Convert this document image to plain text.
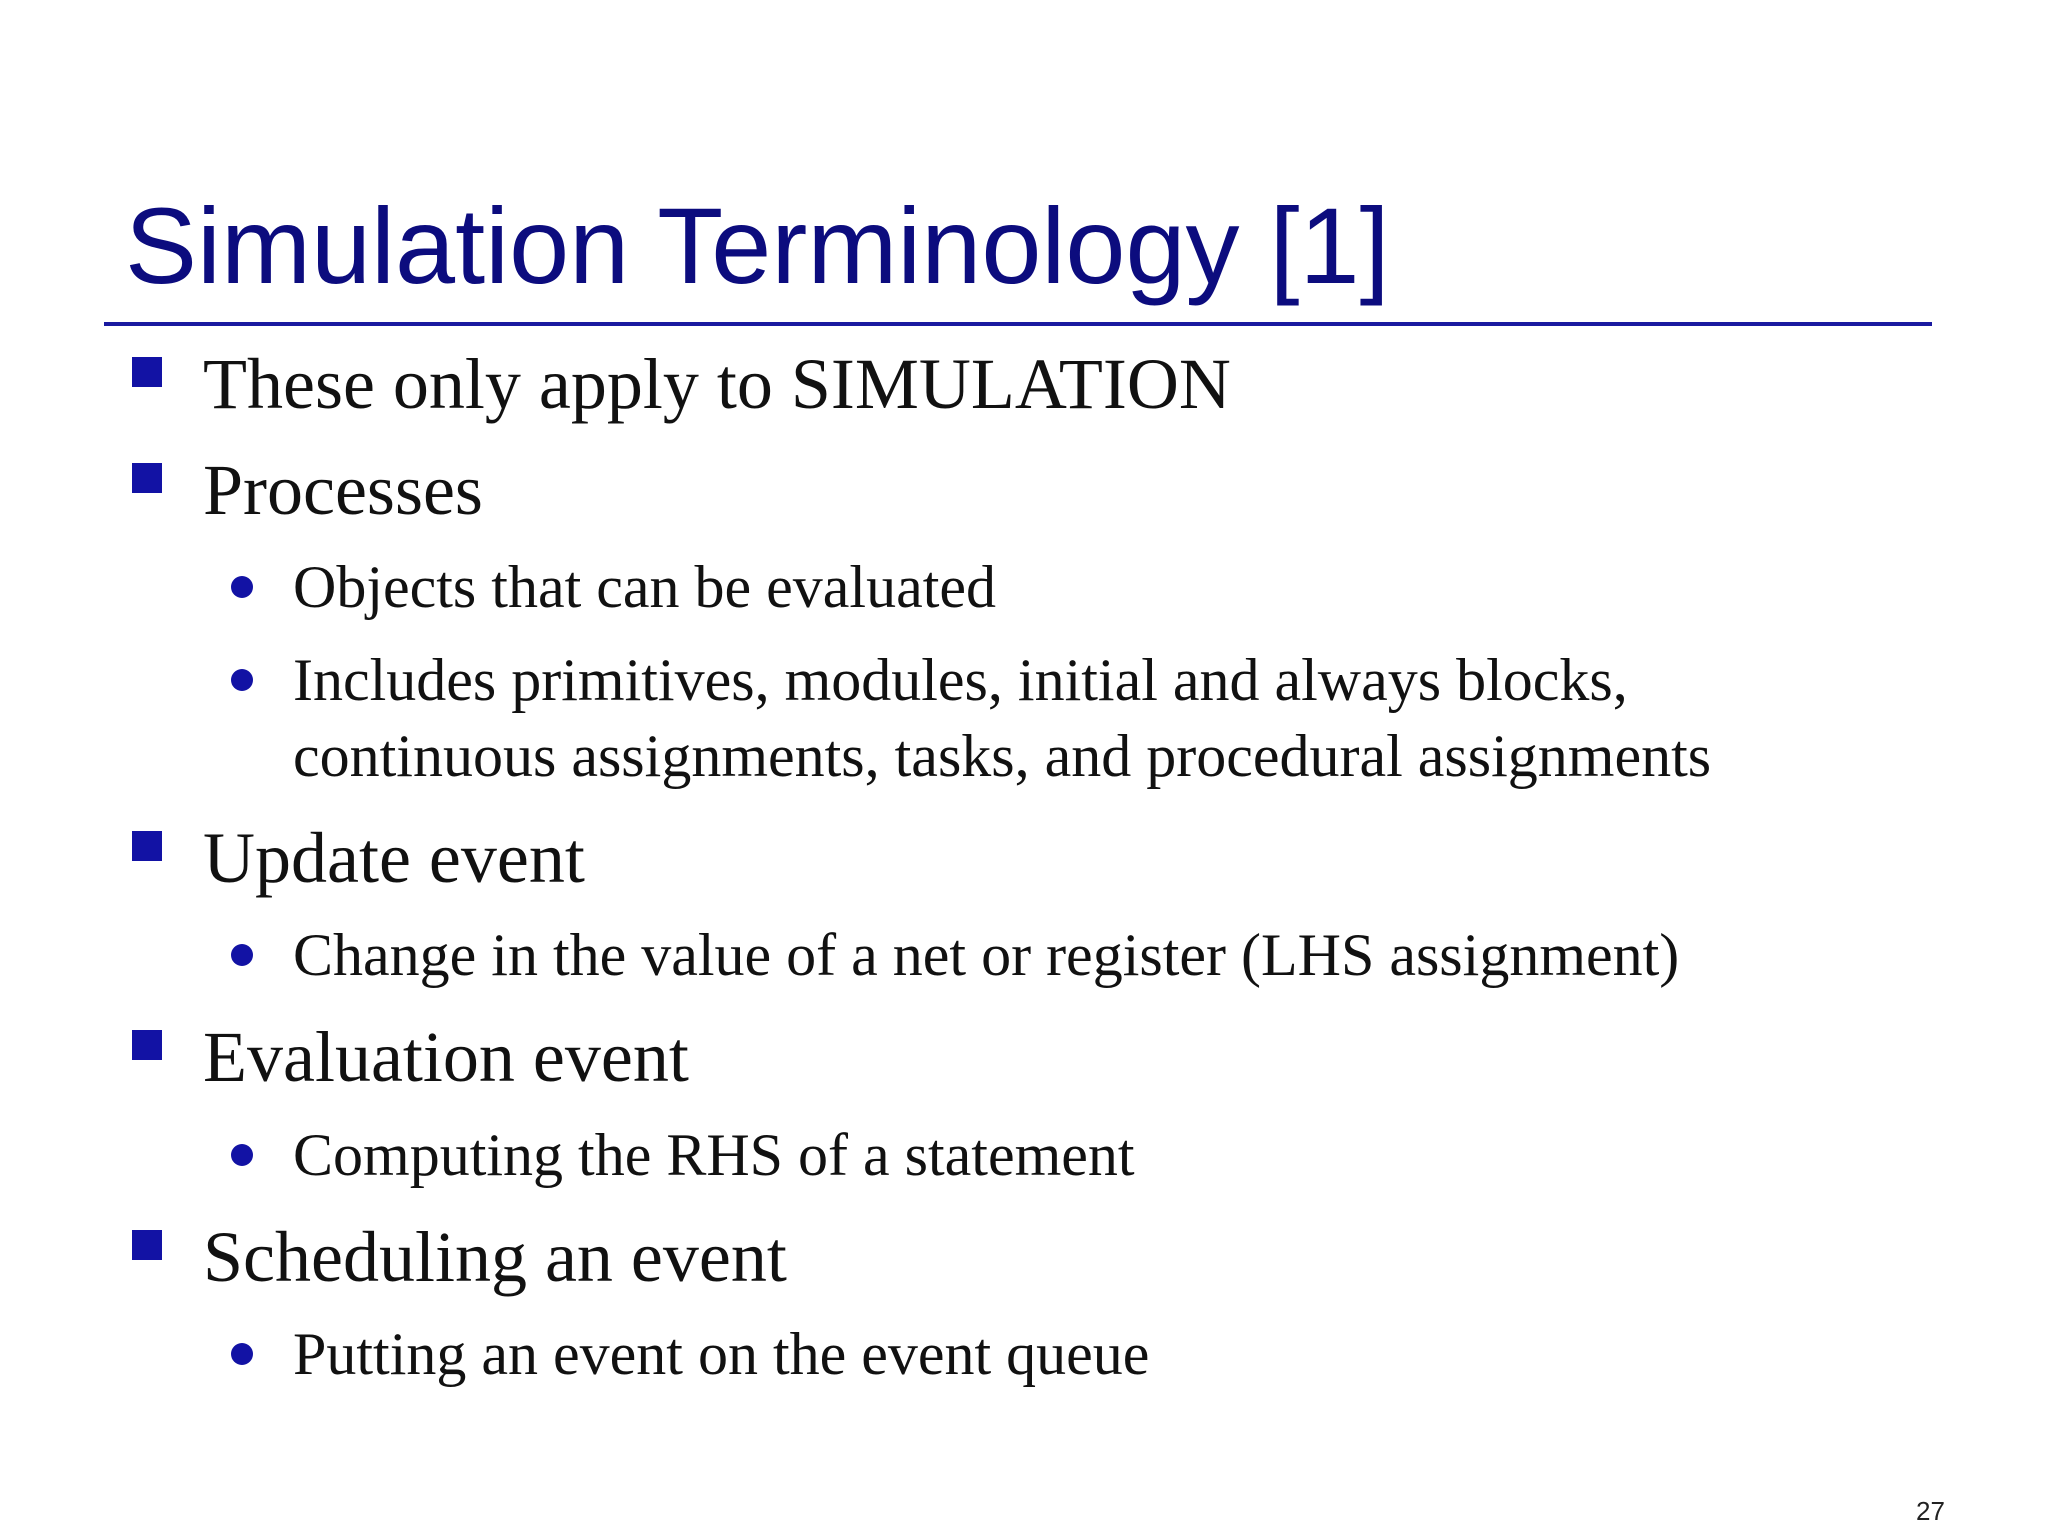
Simulation Terminology [1]

These only apply to SIMULATION

Processes

Objects that can be evaluated

Includes primitives, modules, initial and always blocks,

continuous assignments, tasks, and procedural assignments

Update event

Change in the value of a net or register (LHS assignment)

Evaluation event

Computing the RHS of a statement

Scheduling an event

Putting an event on the event queue

27
